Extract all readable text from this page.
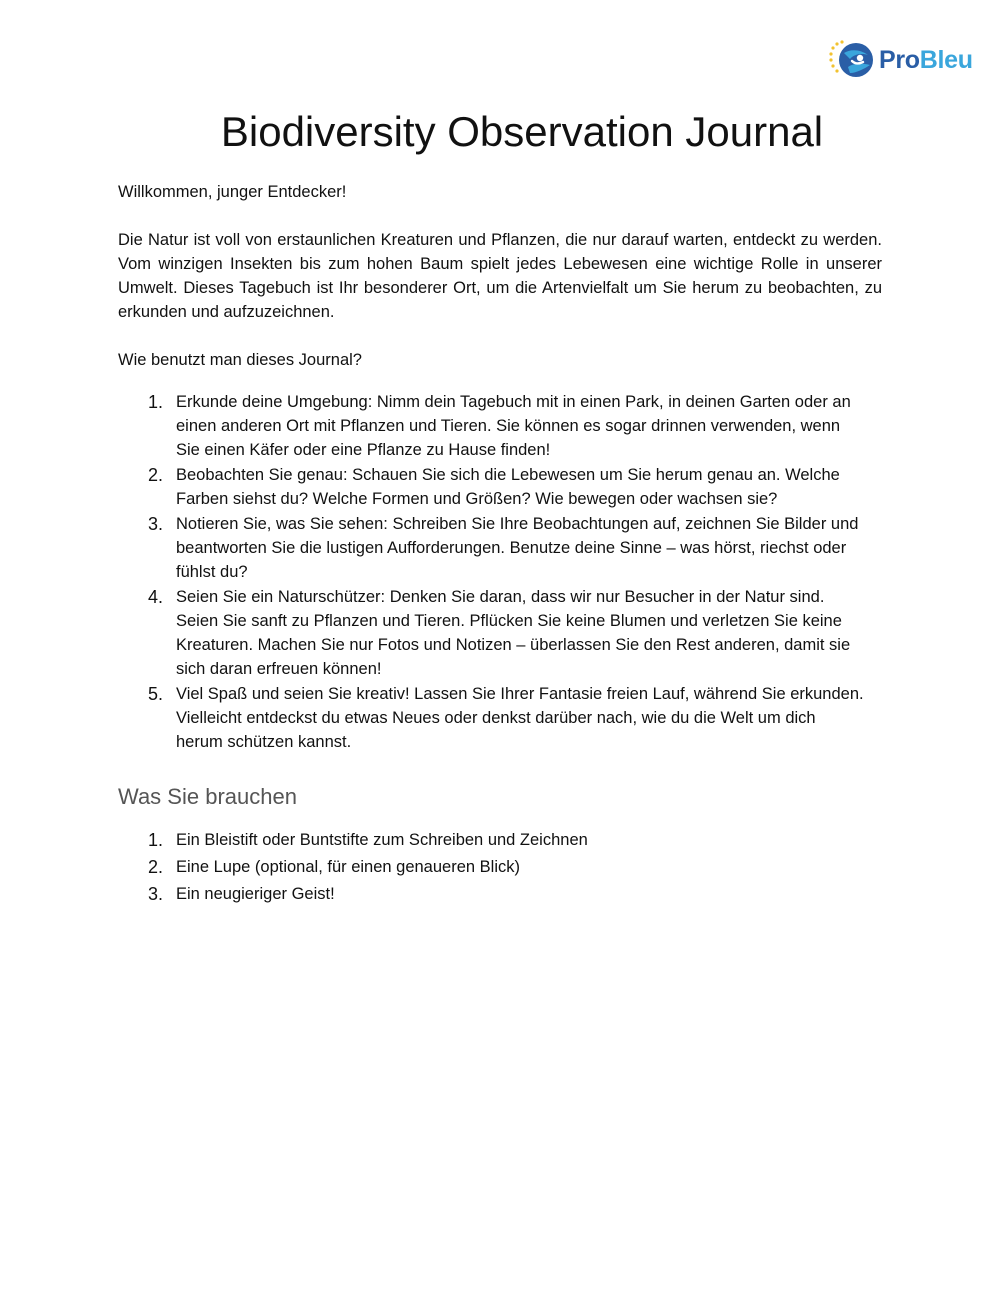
ProBleu
Biodiversity Observation Journal

Willkommen, junger Entdecker!

Die Natur ist voll von erstaunlichen Kreaturen und Pflanzen, die nur darauf warten, entdeckt zu werden. Vom winzigen Insekten bis zum hohen Baum spielt jedes Lebewesen eine wichtige Rolle in unserer Umwelt. Dieses Tagebuch ist Ihr besonderer Ort, um die Artenvielfalt um Sie herum zu beobachten, zu erkunden und aufzuzeichnen.

Wie benutzt man dieses Journal?

1. Erkunde deine Umgebung: Nimm dein Tagebuch mit in einen Park, in deinen Garten oder an einen anderen Ort mit Pflanzen und Tieren. Sie können es sogar drinnen verwenden, wenn Sie einen Käfer oder eine Pflanze zu Hause finden!
2. Beobachten Sie genau: Schauen Sie sich die Lebewesen um Sie herum genau an. Welche Farben siehst du? Welche Formen und Größen? Wie bewegen oder wachsen sie?
3. Notieren Sie, was Sie sehen: Schreiben Sie Ihre Beobachtungen auf, zeichnen Sie Bilder und beantworten Sie die lustigen Aufforderungen. Benutze deine Sinne – was hörst, riechst oder fühlst du?
4. Seien Sie ein Naturschützer: Denken Sie daran, dass wir nur Besucher in der Natur sind. Seien Sie sanft zu Pflanzen und Tieren. Pflücken Sie keine Blumen und verletzen Sie keine Kreaturen. Machen Sie nur Fotos und Notizen – überlassen Sie den Rest anderen, damit sie sich daran erfreuen können!
5. Viel Spaß und seien Sie kreativ! Lassen Sie Ihrer Fantasie freien Lauf, während Sie erkunden. Vielleicht entdeckst du etwas Neues oder denkst darüber nach, wie du die Welt um dich herum schützen kannst.
Was Sie brauchen
1. Ein Bleistift oder Buntstifte zum Schreiben und Zeichnen
2. Eine Lupe (optional, für einen genaueren Blick)
3. Ein neugieriger Geist!
